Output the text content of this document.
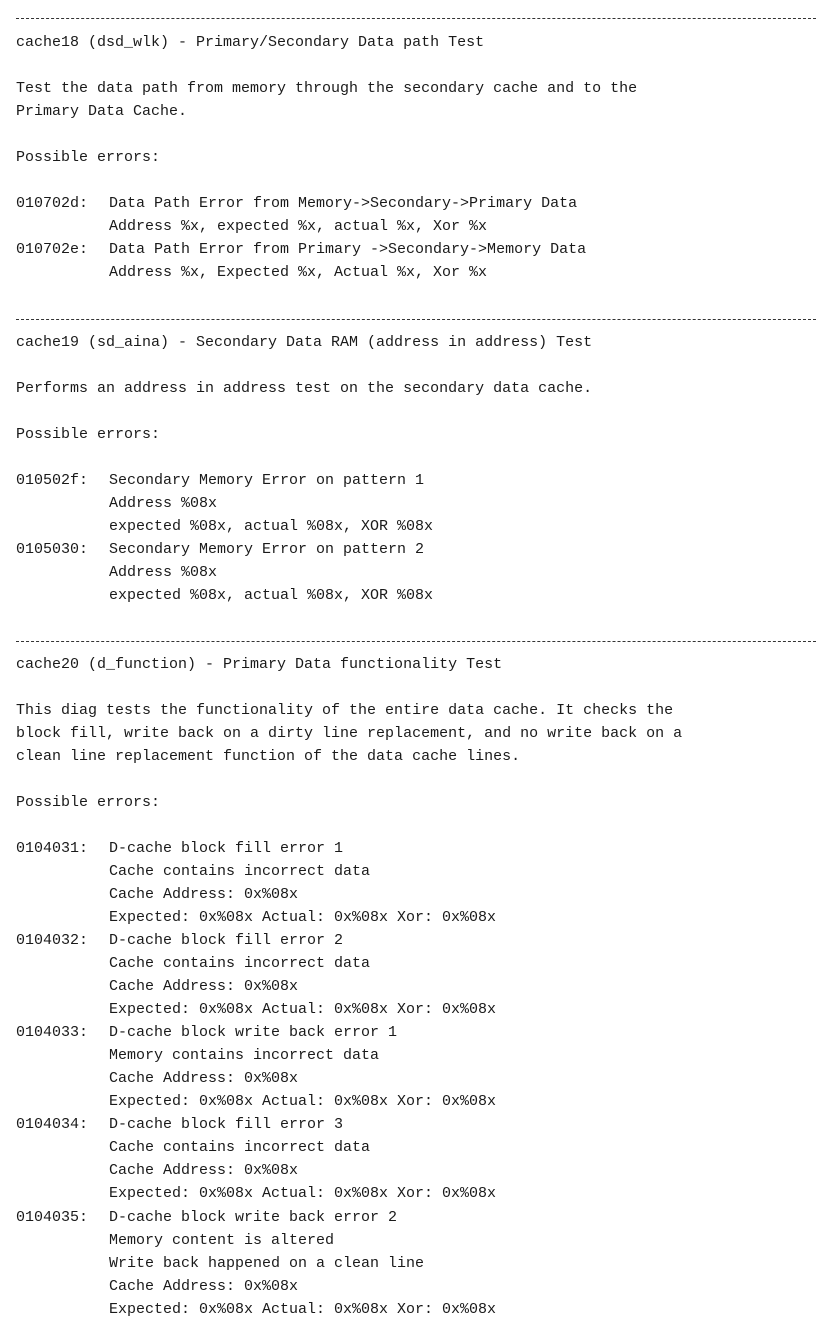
cache18 (dsd_wlk) - Primary/Secondary Data path Test
Test the data path from memory through the secondary cache and to the
Primary Data Cache.
Possible errors:
010702d: Data Path Error from Memory->Secondary->Primary Data
Address %x, expected %x, actual %x, Xor %x
010702e: Data Path Error from Primary ->Secondary->Memory Data
Address %x, Expected %x, Actual %x, Xor %x
cache19 (sd_aina) - Secondary Data RAM (address in address) Test
Performs an address in address test on the secondary data cache.
Possible errors:
010502f: Secondary Memory Error on pattern 1
Address %08x
expected %08x, actual %08x, XOR %08x
0105030: Secondary Memory Error on pattern 2
Address %08x
expected %08x, actual %08x, XOR %08x
cache20 (d_function) - Primary Data functionality Test
This diag tests the functionality of the entire data cache. It checks the
block fill, write back on a dirty line replacement, and no write back on a
clean line replacement function of the data cache lines.
Possible errors:
0104031: D-cache block fill error 1
Cache contains incorrect data
Cache Address: 0x%08x
Expected: 0x%08x Actual: 0x%08x Xor: 0x%08x
0104032: D-cache block fill error 2
Cache contains incorrect data
Cache Address: 0x%08x
Expected: 0x%08x Actual: 0x%08x Xor: 0x%08x
0104033: D-cache block write back error 1
Memory contains incorrect data
Cache Address: 0x%08x
Expected: 0x%08x Actual: 0x%08x Xor: 0x%08x
0104034: D-cache block fill error 3
Cache contains incorrect data
Cache Address: 0x%08x
Expected: 0x%08x Actual: 0x%08x Xor: 0x%08x
0104035: D-cache block write back error 2
Memory content is altered
Write back happened on a clean line
Cache Address: 0x%08x
Expected: 0x%08x Actual: 0x%08x Xor: 0x%08x
